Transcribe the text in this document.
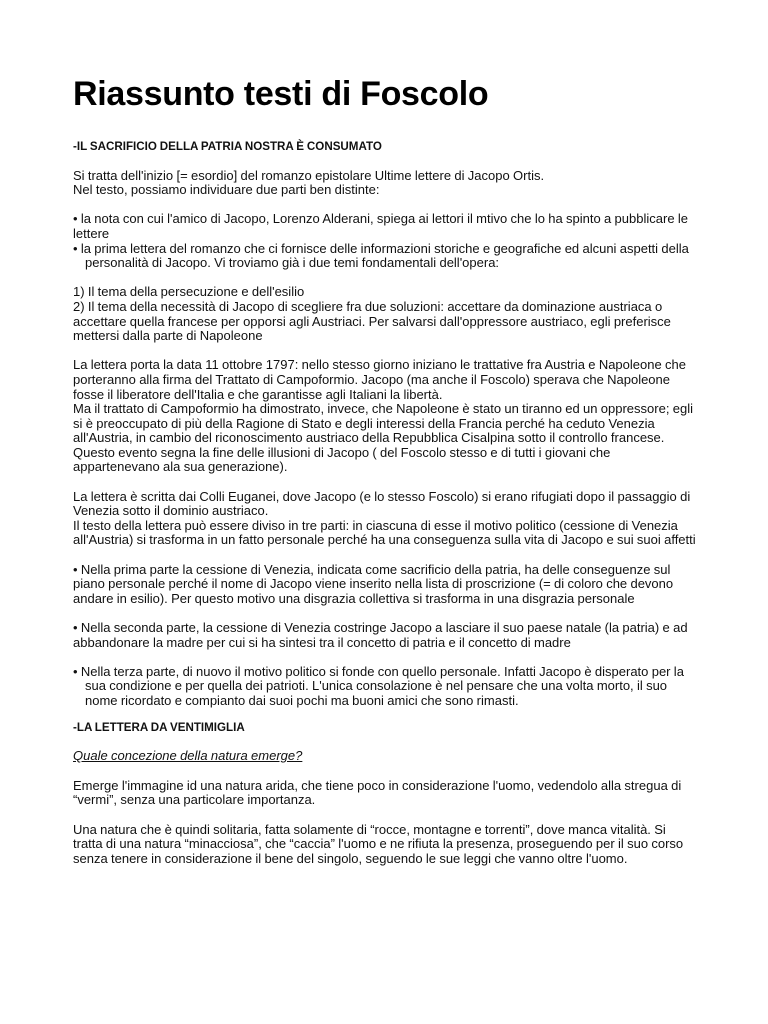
Riassunto testi di Foscolo

-IL SACRIFICIO DELLA PATRIA NOSTRA È CONSUMATO

Si tratta dell'inizio [= esordio] del romanzo epistolare Ultime lettere di Jacopo Ortis.

Nel testo, possiamo individuare due parti ben distinte:

• la nota con cui l'amico di Jacopo, Lorenzo Alderani, spiega ai lettori il mtivo che lo ha spinto a pubblicare le lettere

• la prima lettera del romanzo che ci fornisce delle informazioni storiche e geografiche ed alcuni aspetti della personalità di Jacopo. Vi troviamo già i due temi fondamentali dell'opera:

1) Il tema della persecuzione e dell'esilio

2) Il tema della necessità di Jacopo di scegliere fra due soluzioni: accettare da dominazione austriaca o accettare quella francese per opporsi agli Austriaci. Per salvarsi dall'oppressore austriaco, egli preferisce mettersi dalla parte di Napoleone

La lettera porta la data 11 ottobre 1797: nello stesso giorno iniziano le trattative fra Austria e Napoleone che porteranno alla firma del Trattato di Campoformio. Jacopo (ma anche il Foscolo) sperava che Napoleone fosse il liberatore dell'Italia e che garantisse agli Italiani la libertà.

Ma il trattato di Campoformio ha dimostrato, invece, che Napoleone è stato un tiranno ed un oppressore; egli si è preoccupato di più della Ragione di Stato e degli interessi della Francia perché ha ceduto Venezia all'Austria, in cambio del riconoscimento austriaco della Repubblica Cisalpina sotto il controllo francese. Questo evento segna la fine delle illusioni di Jacopo ( del Foscolo stesso e di tutti i giovani che appartenevano ala sua generazione).

La lettera è scritta dai Colli Euganei, dove Jacopo (e lo stesso Foscolo) si erano rifugiati dopo il passaggio di Venezia sotto il dominio austriaco.

Il testo della lettera può essere diviso in tre parti: in ciascuna di esse il motivo politico (cessione di Venezia all'Austria) si trasforma in un fatto personale perché ha una conseguenza sulla vita di Jacopo e sui suoi affetti

• Nella prima parte la cessione di Venezia, indicata come sacrificio della patria, ha delle conseguenze sul piano personale perché il nome di Jacopo viene inserito nella lista di proscrizione (= di coloro che devono andare in esilio). Per questo motivo una disgrazia collettiva si trasforma in una disgrazia personale

• Nella seconda parte, la cessione di Venezia costringe Jacopo a lasciare il suo paese natale (la patria) e ad abbandonare la madre per cui si ha sintesi tra il concetto di patria e il concetto di madre

• Nella terza parte, di nuovo il motivo politico si fonde con quello personale. Infatti Jacopo è disperato per la sua condizione e per quella dei patrioti. L'unica consolazione è nel pensare che una volta morto, il suo nome ricordato e compianto dai suoi pochi ma buoni amici che sono rimasti.

-LA LETTERA DA VENTIMIGLIA

Quale concezione della natura emerge?

Emerge l'immagine id una natura arida, che tiene poco in considerazione l'uomo, vedendolo alla stregua di “vermi”, senza una particolare importanza.

Una natura che è quindi solitaria, fatta solamente di “rocce, montagne e torrenti”, dove manca vitalità. Si tratta di una natura “minacciosa”, che “caccia” l'uomo e ne rifiuta la presenza, proseguendo per il suo corso senza tenere in considerazione il bene del singolo, seguendo le sue leggi che vanno oltre l'uomo.
